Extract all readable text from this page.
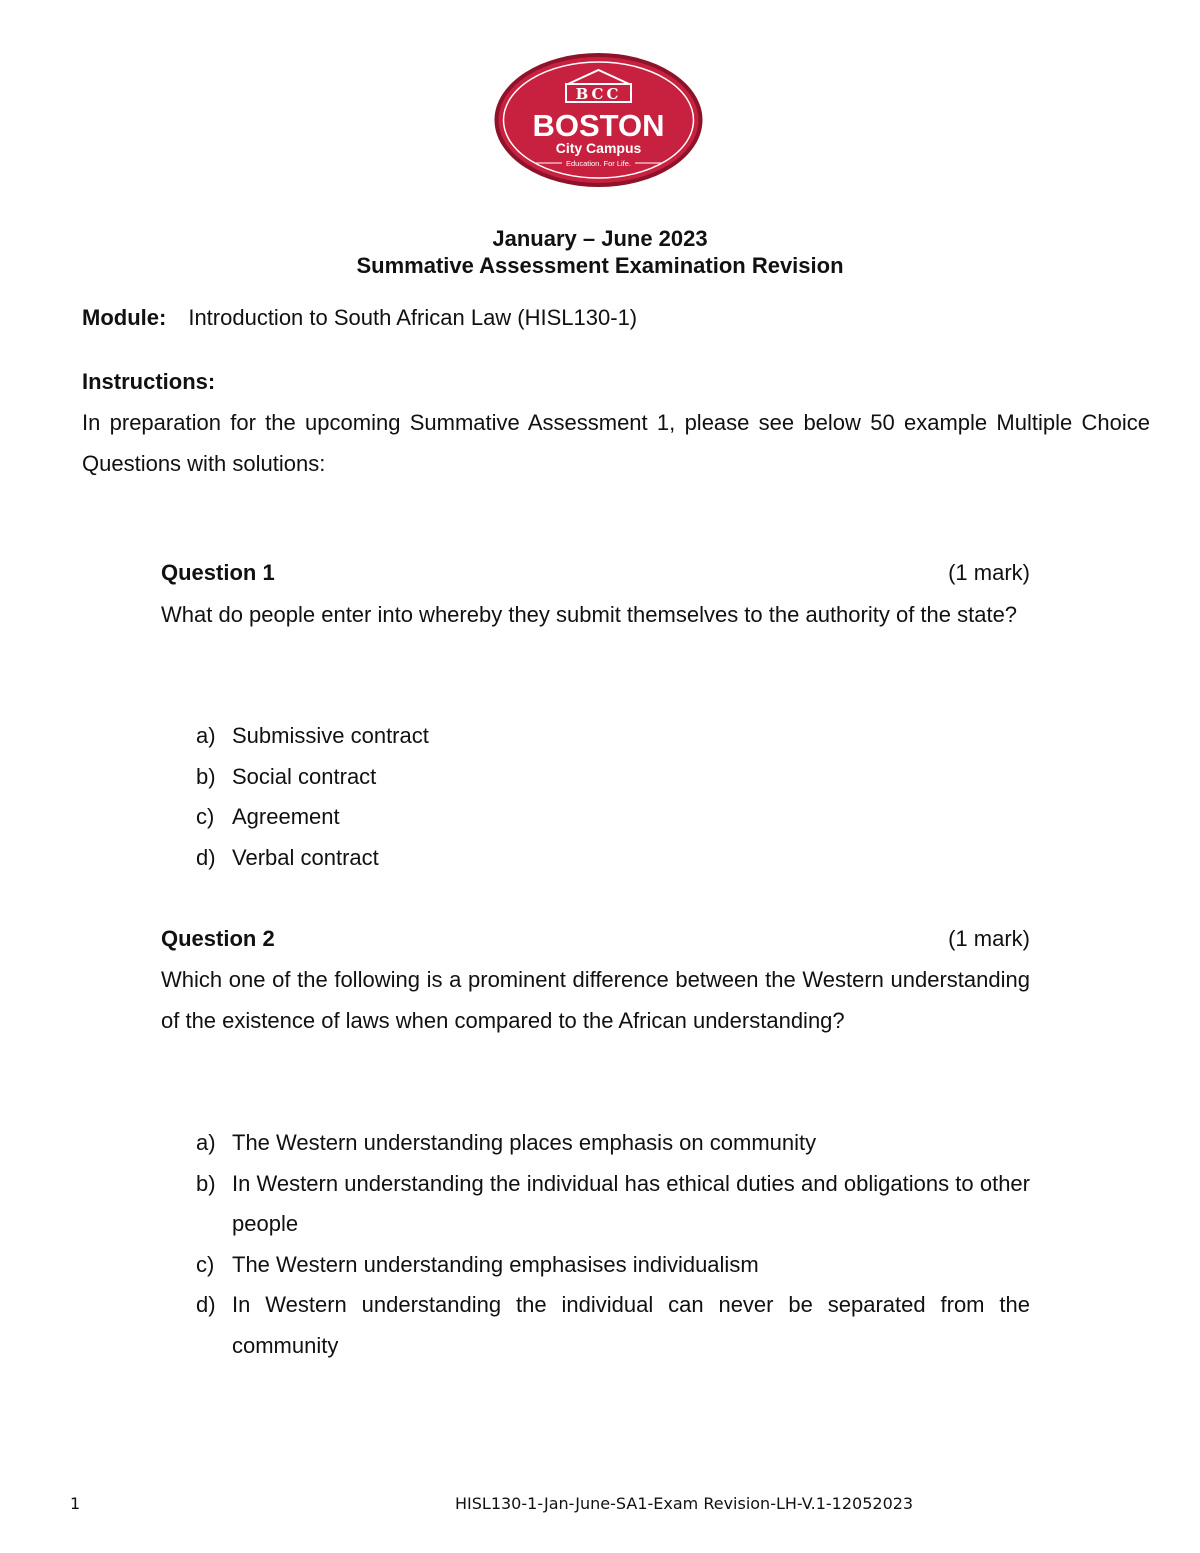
BCC
BOSTON
City Campus
Education. For Life.
January – June 2023
Summative Assessment Examination Revision
Module: Introduction to South African Law (HISL130-1)
Instructions:
In preparation for the upcoming Summative Assessment 1, please see below 50 example Multiple Choice Questions with solutions:
Question 1	(1 mark)
What do people enter into whereby they submit themselves to the authority of the state?
a) Submissive contract
b) Social contract
c) Agreement
d) Verbal contract
Question 2	(1 mark)
Which one of the following is a prominent difference between the Western understanding of the existence of laws when compared to the African understanding?
a) The Western understanding places emphasis on community
b) In Western understanding the individual has ethical duties and obligations to other people
c) The Western understanding emphasises individualism
d) In Western understanding the individual can never be separated from the community
1	HISL130-1-Jan-June-SA1-Exam Revision-LH-V.1-12052023
